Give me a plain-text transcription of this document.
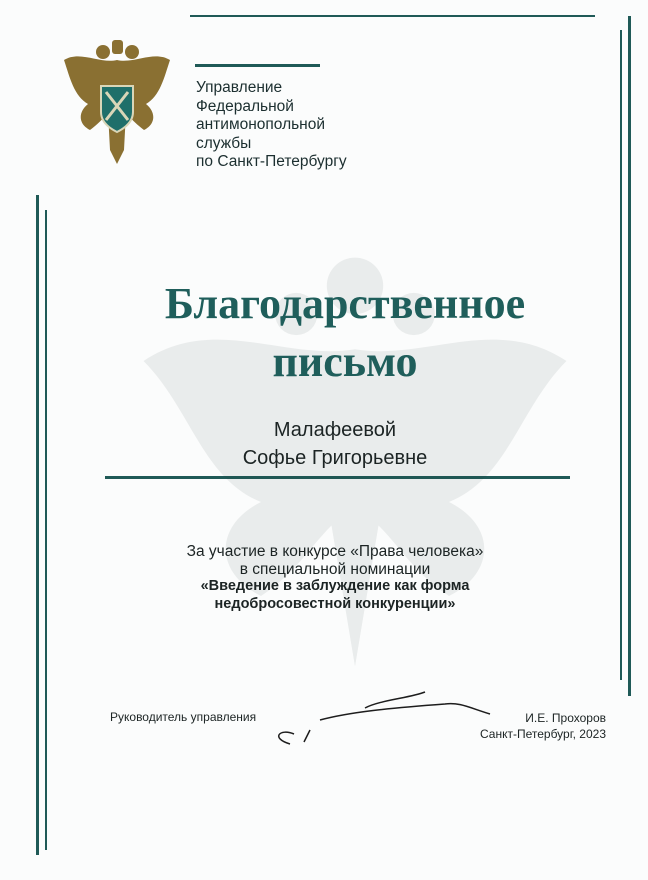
Управление
Федеральной
антимонопольной
службы
по Санкт-Петербургу
Благодарственное
письмо
Малафеевой
Софье Григорьевне
За участие в конкурсе «Права человека»
в специальной номинации
«Введение в заблуждение как форма
недобросовестной конкуренции»
Руководитель управления	И.Е. Прохоров
Санкт-Петербург, 2023
